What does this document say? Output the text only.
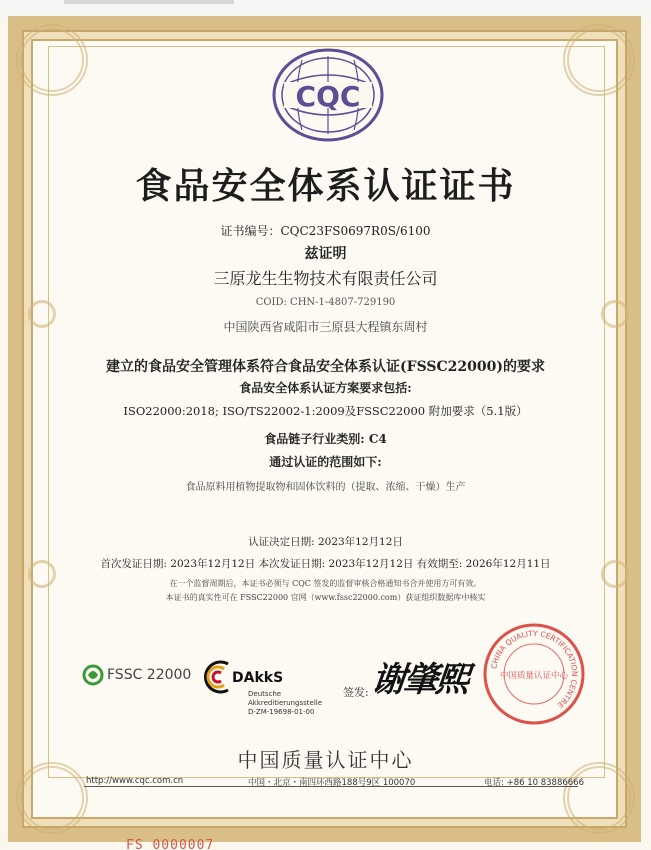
CQC
食品安全体系认证证书
证书编号：CQC23FS0697R0S/6100
兹证明
三原龙生生物技术有限责任公司
COID: CHN-1-4807-729190
中国陕西省咸阳市三原县大程镇东周村
建立的食品安全管理体系符合食品安全体系认证(FSSC22000)的要求
食品安全体系认证方案要求包括:
ISO22000:2018; ISO/TS22002-1:2009及FSSC22000 附加要求（5.1版）
食品链子行业类别: C4
通过认证的范围如下:
食品原料用植物提取物和固体饮料的（提取、浓缩、干燥）生产
认证决定日期: 2023年12月12日
首次发证日期: 2023年12月12日 本次发证日期: 2023年12月12日 有效期至: 2026年12月11日
在一个监督周期后，本证书必须与 CQC 签发的监督审核合格通知书合并使用方可有效。
本证书的真实性可在 FSSC22000 官网（www.fssc22000.com）获证组织数据库中核实
FSSC 22000	DAkkS
Deutsche
Akkreditierungsstelle
D-ZM-19698-01-00
签发: 谢肇熙	CHINA QUALITY CERTIFICATION CENTRE
中国质量认证中心
中国质量认证中心
http://www.cqc.com.cn	中国・北京・南四环西路188号9区 100070	电话: +86 10 83886666
FS 0000007
